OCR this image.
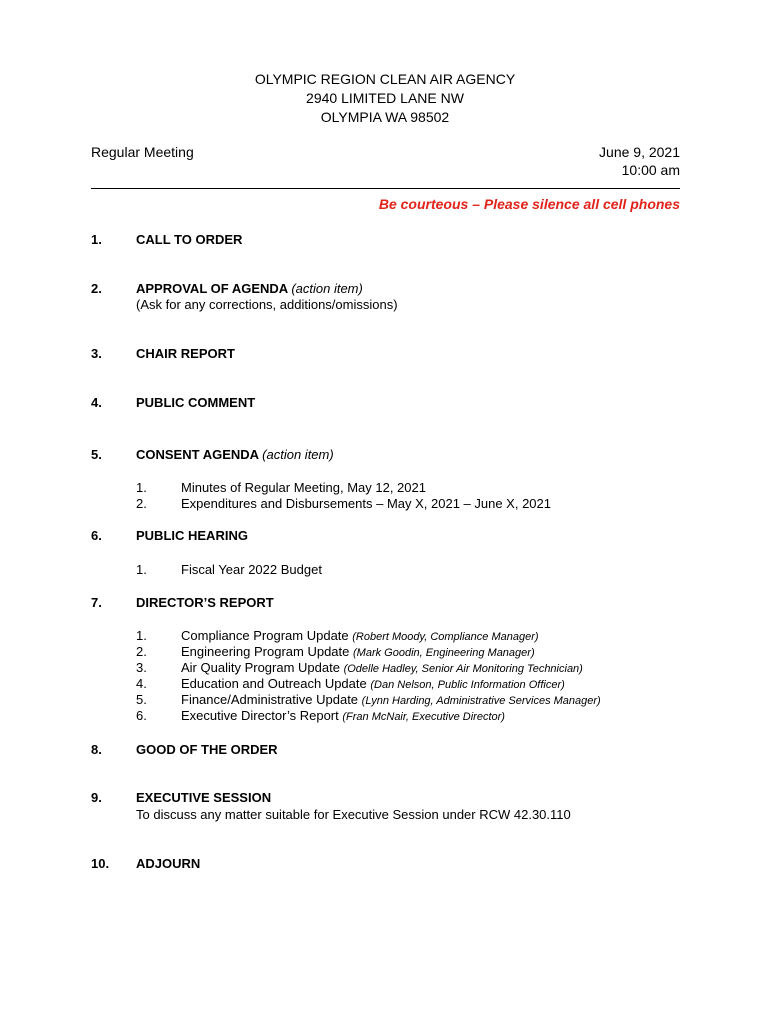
OLYMPIC REGION CLEAN AIR AGENCY
2940 LIMITED LANE NW
OLYMPIA WA 98502
Regular Meeting	June 9, 2021
10:00 am
Be courteous – Please silence all cell phones
1.	CALL TO ORDER
2.	APPROVAL OF AGENDA (action item)
(Ask for any corrections, additions/omissions)
3.	CHAIR REPORT
4.	PUBLIC COMMENT
5.	CONSENT AGENDA (action item)
1.	Minutes of Regular Meeting, May 12, 2021
2.	Expenditures and Disbursements – May X, 2021 – June X, 2021
6.	PUBLIC HEARING
1.	Fiscal Year 2022 Budget
7.	DIRECTOR’S REPORT
1.	Compliance Program Update (Robert Moody, Compliance Manager)
2.	Engineering Program Update (Mark Goodin, Engineering Manager)
3.	Air Quality Program Update (Odelle Hadley, Senior Air Monitoring Technician)
4.	Education and Outreach Update (Dan Nelson, Public Information Officer)
5.	Finance/Administrative Update (Lynn Harding, Administrative Services Manager)
6.	Executive Director’s Report (Fran McNair, Executive Director)
8.	GOOD OF THE ORDER
9.	EXECUTIVE SESSION
To discuss any matter suitable for Executive Session under RCW 42.30.110
10. ADJOURN
